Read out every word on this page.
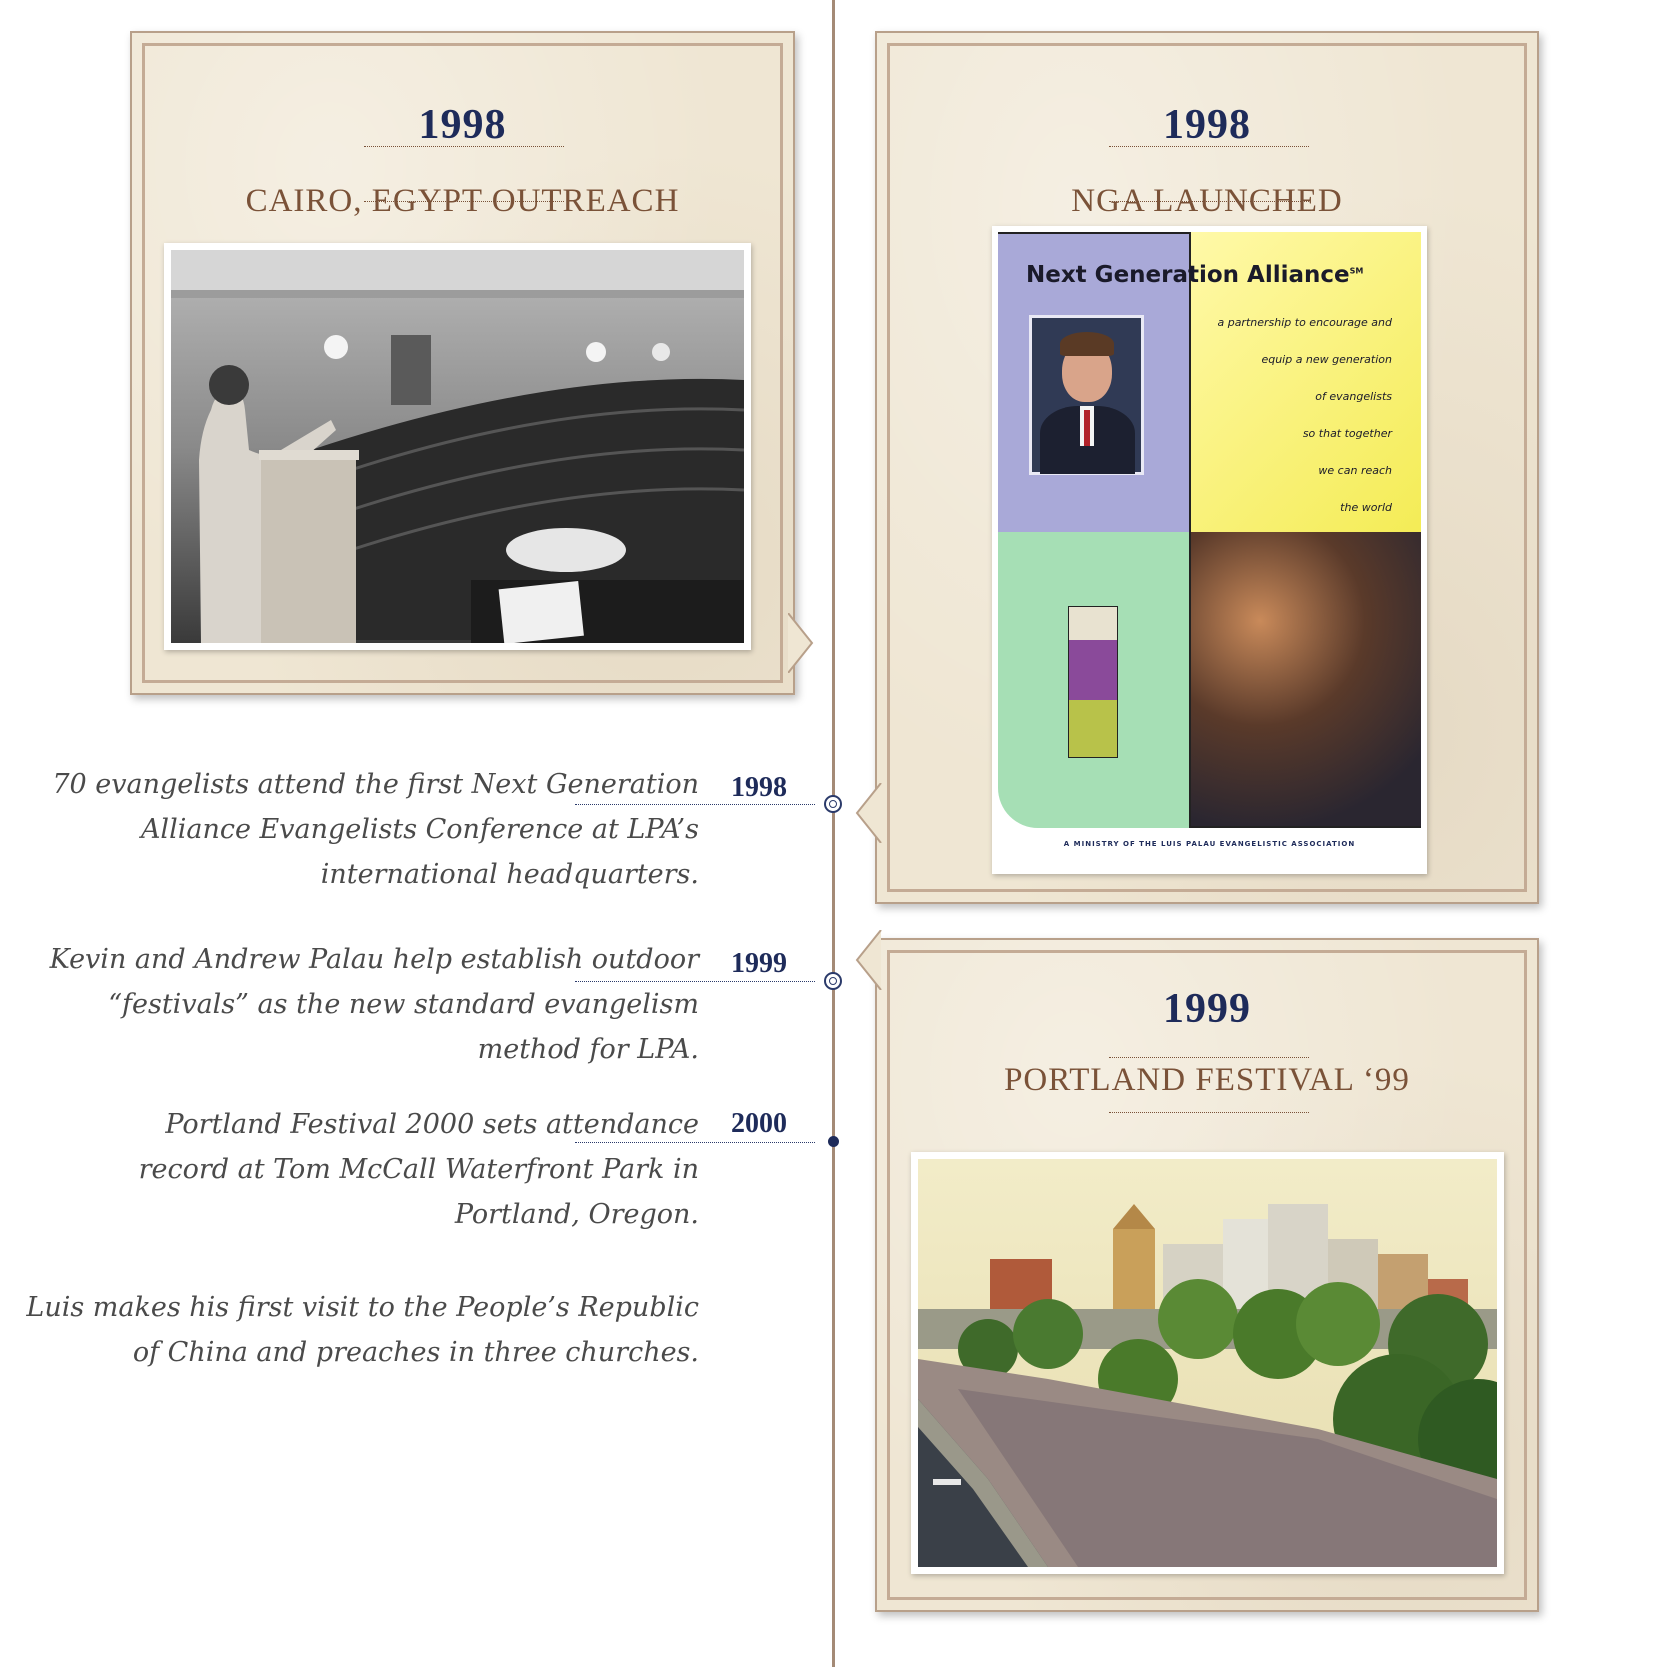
1998
CAIRO, EGYPT OUTREACH
1998
NGA LAUNCHED
Next Generation Alliance℠
a partnership to encourage and
equip a new generation
of evangelists
so that together
we can reach
the world
A MINISTRY OF THE LUIS PALAU EVANGELISTIC ASSOCIATION
1999
PORTLAND FESTIVAL ‘99
70 evangelists attend the first Next Generation
Alliance Evangelists Conference at LPA’s
international headquarters.
1998
Kevin and Andrew Palau help establish outdoor
“festivals” as the new standard evangelism
method for LPA.
1999
Portland Festival 2000 sets attendance
record at Tom McCall Waterfront Park in
Portland, Oregon.
2000
Luis makes his first visit to the People’s Republic
of China and preaches in three churches.
